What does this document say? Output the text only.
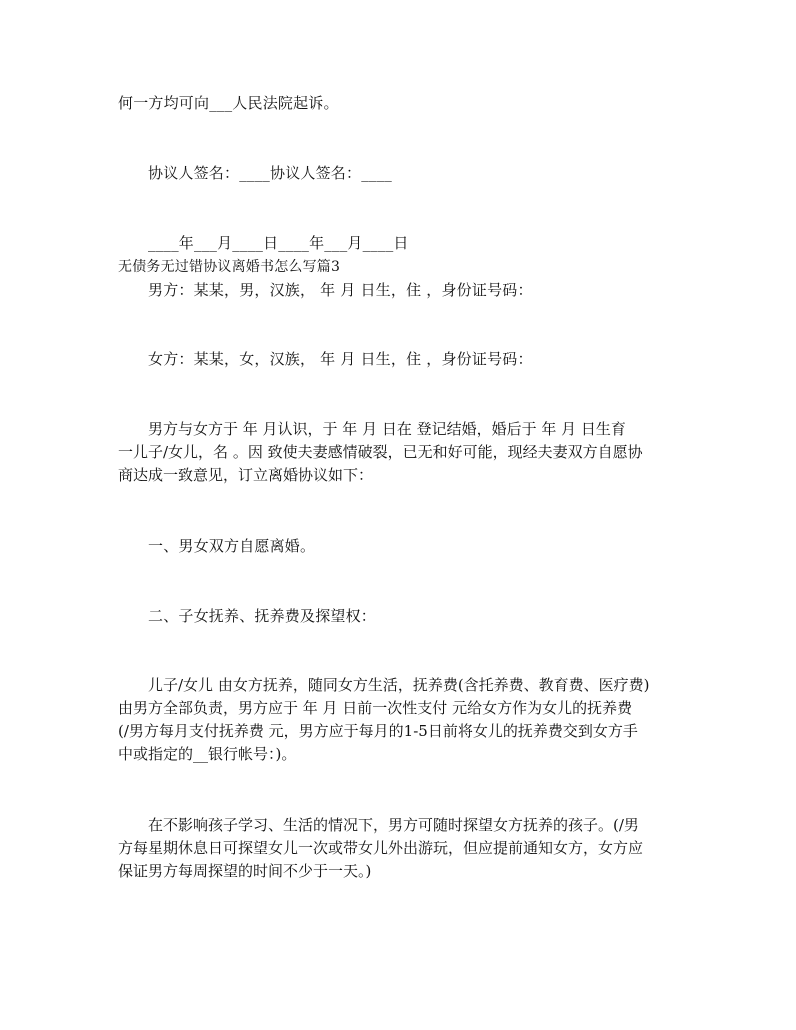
何一方均可向___人民法院起诉。
协议人签名：____协议人签名：____
____年___月____日____年___月____日
无债务无过错协议离婚书怎么写篇3
男方：某某，男，汉族， 年 月 日生，住 ，身份证号码：
女方：某某，女，汉族， 年 月 日生，住 ，身份证号码：
男方与女方于 年 月认识，于 年 月 日在 登记结婚，婚后于 年 月 日生育
一儿子/女儿，名 。因 致使夫妻感情破裂，已无和好可能，现经夫妻双方自愿协
商达成一致意见，订立离婚协议如下：
一、男女双方自愿离婚。
二、子女抚养、抚养费及探望权：
儿子/女儿 由女方抚养，随同女方生活，抚养费(含托养费、教育费、医疗费)
由男方全部负责，男方应于 年 月 日前一次性支付 元给女方作为女儿的抚养费
(/男方每月支付抚养费 元，男方应于每月的1-5日前将女儿的抚养费交到女方手
中或指定的__银行帐号：)。
在不影响孩子学习、生活的情况下，男方可随时探望女方抚养的孩子。(/男
方每星期休息日可探望女儿一次或带女儿外出游玩，但应提前通知女方，女方应
保证男方每周探望的时间不少于一天。)
